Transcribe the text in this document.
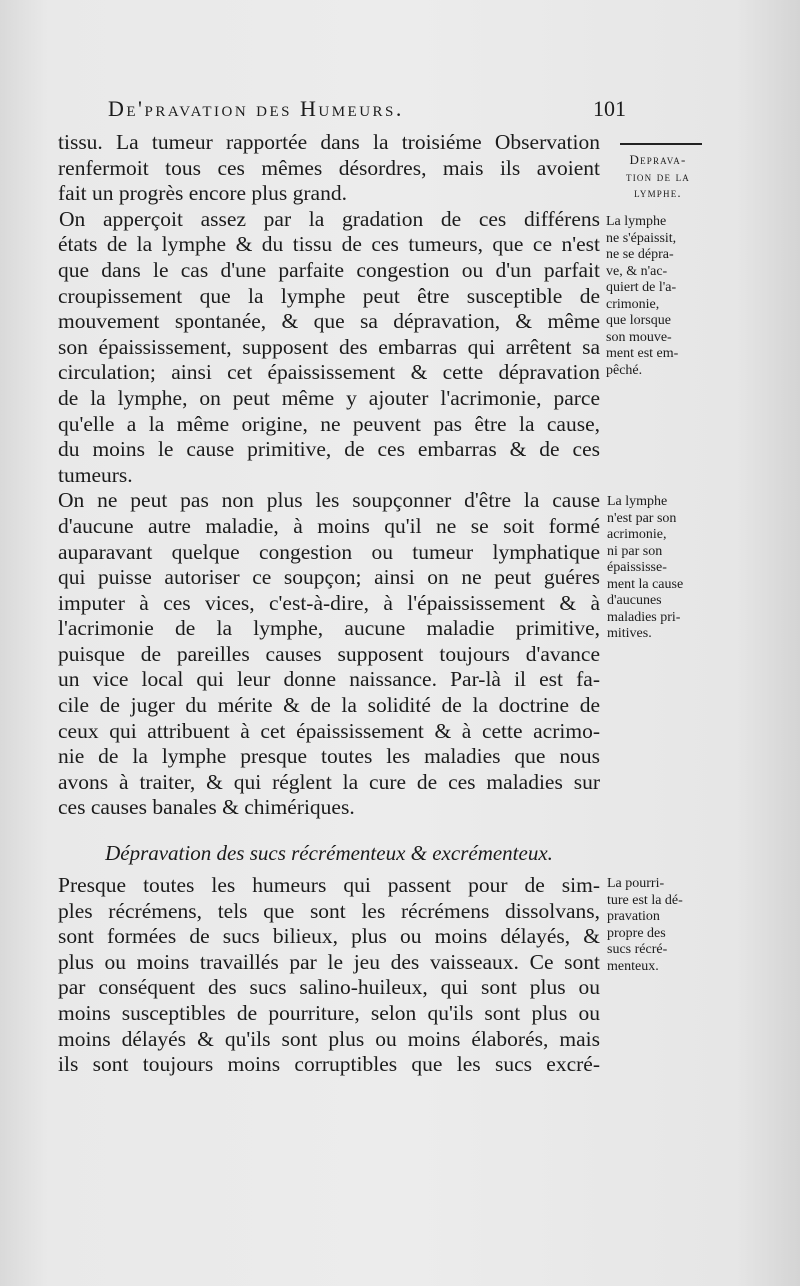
De'pravation des Humeurs.	101
tissu. La tumeur rapportée dans la troisiéme Observation
renfermoit tous ces mêmes désordres, mais ils avoient
fait un progrès encore plus grand.
On apperçoit assez par la gradation de ces différens
états de la lymphe & du tissu de ces tumeurs, que ce n'est
que dans le cas d'une parfaite congestion ou d'un parfait
croupissement que la lymphe peut être susceptible de
mouvement spontanée, & que sa dépravation, & même
son épaississement, supposent des embarras qui arrêtent sa
circulation; ainsi cet épaississement & cette dépravation
de la lymphe, on peut même y ajouter l'acrimonie, parce
qu'elle a la même origine, ne peuvent pas être la cause,
du moins le cause primitive, de ces embarras & de ces
tumeurs.
On ne peut pas non plus les soupçonner d'être la cause
d'aucune autre maladie, à moins qu'il ne se soit formé
auparavant quelque congestion ou tumeur lymphatique
qui puisse autoriser ce soupçon; ainsi on ne peut guéres
imputer à ces vices, c'est-à-dire, à l'épaississement & à
l'acrimonie de la lymphe, aucune maladie primitive,
puisque de pareilles causes supposent toujours d'avance
un vice local qui leur donne naissance. Par-là il est fa-
cile de juger du mérite & de la solidité de la doctrine de
ceux qui attribuent à cet épaississement & à cette acrimo-
nie de la lymphe presque toutes les maladies que nous
avons à traiter, & qui réglent la cure de ces maladies sur
ces causes banales & chimériques.
Dépravation des sucs récrémenteux & excrémenteux.
Presque toutes les humeurs qui passent pour de sim-
ples récrémens, tels que sont les récrémens dissolvans,
sont formées de sucs bilieux, plus ou moins délayés, &
plus ou moins travaillés par le jeu des vaisseaux. Ce sont
par conséquent des sucs salino-huileux, qui sont plus ou
moins susceptibles de pourriture, selon qu'ils sont plus ou
moins délayés & qu'ils sont plus ou moins élaborés, mais
ils sont toujours moins corruptibles que les sucs excré-
Deprava-
tion de la
lymphe.
La lymphe
ne s'épaissit,
ne se dépra-
ve, & n'ac-
quiert de l'a-
crimonie,
que lorsque
son mouve-
ment est em-
pêché.
La lymphe
n'est par son
acrimonie,
ni par son
épaississe-
ment la cause
d'aucunes
maladies pri-
mitives.
La pourri-
ture est la dé-
pravation
propre des
sucs récré-
menteux.
